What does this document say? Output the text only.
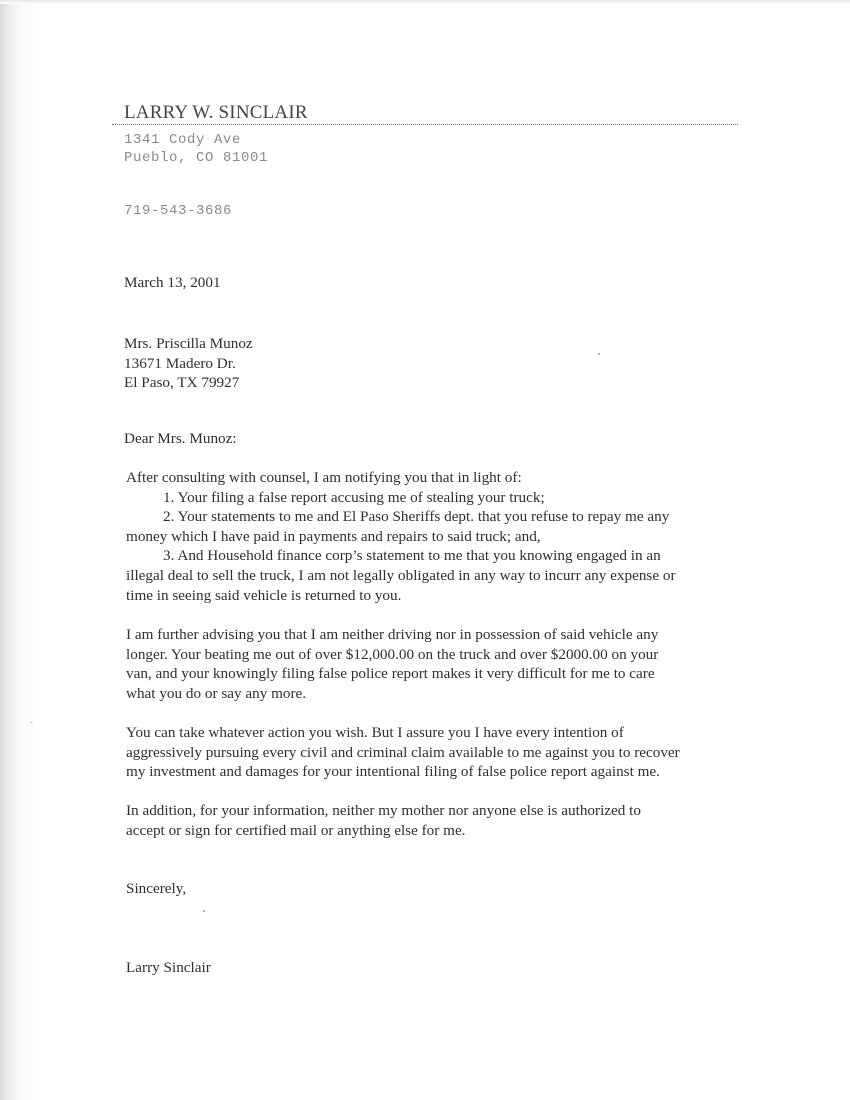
LARRY W. SINCLAIR
1341 Cody Ave
Pueblo, CO 81001
719-543-3686
March 13, 2001
Mrs. Priscilla Munoz
13671 Madero Dr.
El Paso, TX 79927
Dear Mrs. Munoz:
After consulting with counsel, I am notifying you that in light of:
1. Your filing a false report accusing me of stealing your truck;
2. Your statements to me and El Paso Sheriffs dept. that you refuse to repay me any
money which I have paid in payments and repairs to said truck; and,
3. And Household finance corp’s statement to me that you knowing engaged in an
illegal deal to sell the truck, I am not legally obligated in any way to incurr any expense or
time in seeing said vehicle is returned to you.
I am further advising you that I am neither driving nor in possession of said vehicle any
longer. Your beating me out of over $12,000.00 on the truck and over $2000.00 on your
van, and your knowingly filing false police report makes it very difficult for me to care
what you do or say any more.
You can take whatever action you wish. But I assure you I have every intention of
aggressively pursuing every civil and criminal claim available to me against you to recover
my investment and damages for your intentional filing of false police report against me.
In addition, for your information, neither my mother nor anyone else is authorized to
accept or sign for certified mail or anything else for me.
Sincerely,
Larry Sinclair
